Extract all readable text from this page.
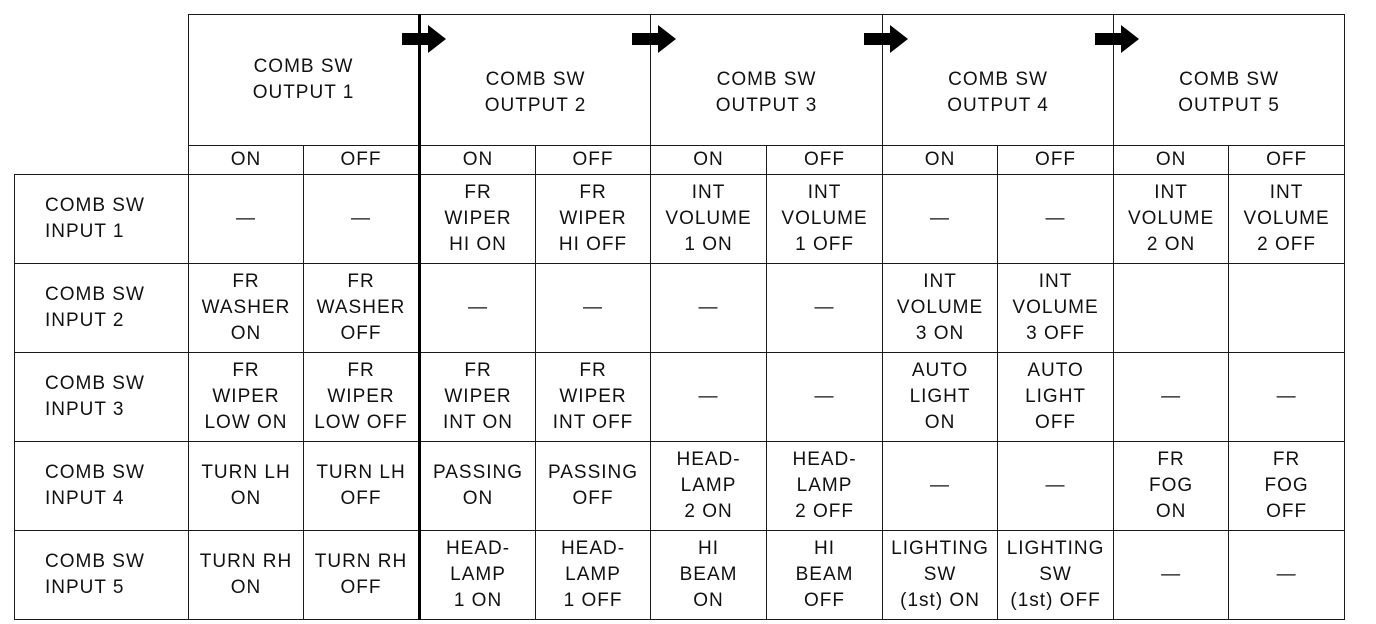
	COMB SW
OUTPUT 1		COMB SW
OUTPUT 2		COMB SW
OUTPUT 3		COMB SW
OUTPUT 4		COMB SW
OUTPUT 5	

	ON	OFF	ON	OFF	ON	OFF	ON	OFF	ON	OFF
COMB SW
INPUT 1	—	—	FR
WIPER
HI ON	FR
WIPER
HI OFF	INT
VOLUME
1 ON	INT
VOLUME
1 OFF	—	—	INT
VOLUME
2 ON	INT
VOLUME
2 OFF
COMB SW
INPUT 2	FR
WASHER
ON	FR
WASHER
OFF	—	—	—	—	INT
VOLUME
3 ON	INT
VOLUME
3 OFF		
COMB SW
INPUT 3	FR
WIPER
LOW ON	FR
WIPER
LOW OFF	FR
WIPER
INT ON	FR
WIPER
INT OFF	—	—	AUTO
LIGHT
ON	AUTO
LIGHT
OFF	—	—
COMB SW
INPUT 4	TURN LH
ON	TURN LH
OFF	PASSING
ON	PASSING
OFF	HEAD-
LAMP
2 ON	HEAD-
LAMP
2 OFF	—	—	FR
FOG
ON	FR
FOG
OFF
COMB SW
INPUT 5	TURN RH
ON	TURN RH
OFF	HEAD-
LAMP
1 ON	HEAD-
LAMP
1 OFF	HI
BEAM
ON	HI
BEAM
OFF	LIGHTING
SW
(1st) ON	LIGHTING
SW
(1st) OFF	—	—
